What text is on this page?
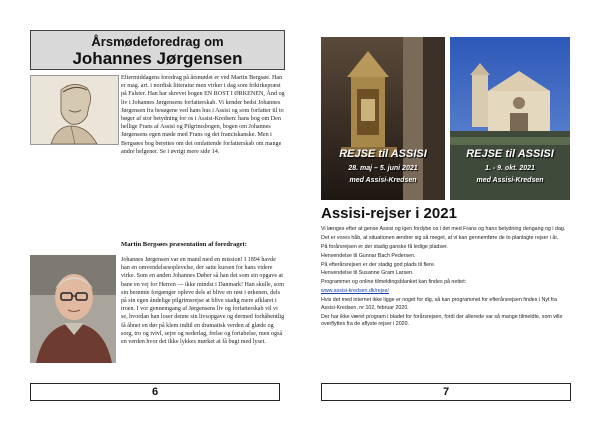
Årsmødeforedrag om
Johannes Jørgensen
Eftermiddagens foredrag på årsmødet er ved Martin Bergsøe. Han er mag. art. i nordisk litteratur men virker i dag som frikirkepræst på Falster. Han har skrevet bogen EN ROST I ØRKENEN, Ånd og liv i Johannes Jørgensens forfatterskab. Vi kender bedst Johannes Jørgensen fra besøgene ved hans hus i Assisi og som forfatter til to bøger af stor betydning for os i Assisi-Kredsen: hans bog om Den hellige Frans af Assisi og Pilgrimsbogen, bogen om Johannes Jørgensens egen møde med Frans og det franciskanske. Men i Bergsøes bog berettes om det omfattende forfatterskab om mange andre helgener. Se i øvrigt mere side 14.
Martin Bergsøes præsentation af foredraget:
Johannes Jørgensen var en mand med en mission! I 1894 havde han en omvendelsesoplevelse, der satte kursen for hans videre virke. Som en anden Johannes Døber så han det som sin opgave at bane en vej for Herren — ikke mindst i Danmark! Han skulle, som sin berømte forgænger opleve dels at blive en røst i ørkenen, dels på sin egen åndelige pilgrimsrejse at blive stadig mere afklaret i troen. I vor gennemgang af Jørgensens liv og forfatterskab vil vi se, hvordan han loser denne sin livsopgave og dermed forhåbentlig få åbnet en dør på klem indtil en dramatisk verden af glæde og sorg, tro og tvivl, sejre og nederlag, frelse og fortabelse, men også en verden hvor det ikke lykkes mørket at få bugt med lyset.
6
REJSE til ASSISI
28. maj – 5. juni 2021
med Assisi-Kredsen
REJSE til ASSISI
1. - 9. okt. 2021
med Assisi-Kredsen
Assisi-rejser i 2021

Vi længes efter at gense Assisi og igen fordybe os i det med Frans og hans betydning dengang og i dag.

Det er vores håb, at situationen ændrer sig så meget, at vi kan gennemføre de to planlagte rejser i år.

På forårsrejsen er der stadig ganske få ledige pladser.

Henvendelse til Gunnar Bach Pedersen.

På efterårsrejsen er der stadig god plads til flere.

Henvendelse til Susanne Gram Larsen.

Programmer og online tilmeldingsblanket kan findes på nettet:

www.assisi-kredsen.dk/rejse/

Hvis det med internet ikke ligge er noget for dig, så kan programmet for efterårsrejsen findes i Nyt fra Assisi-Kredsen, nr 102, februar 2020.

Der har ikke været program i bladet for forårsrejsen, fordi der allerede var så mange tilmeldte, som ville overflyttes fra de aflyste rejser i 2020.

7
